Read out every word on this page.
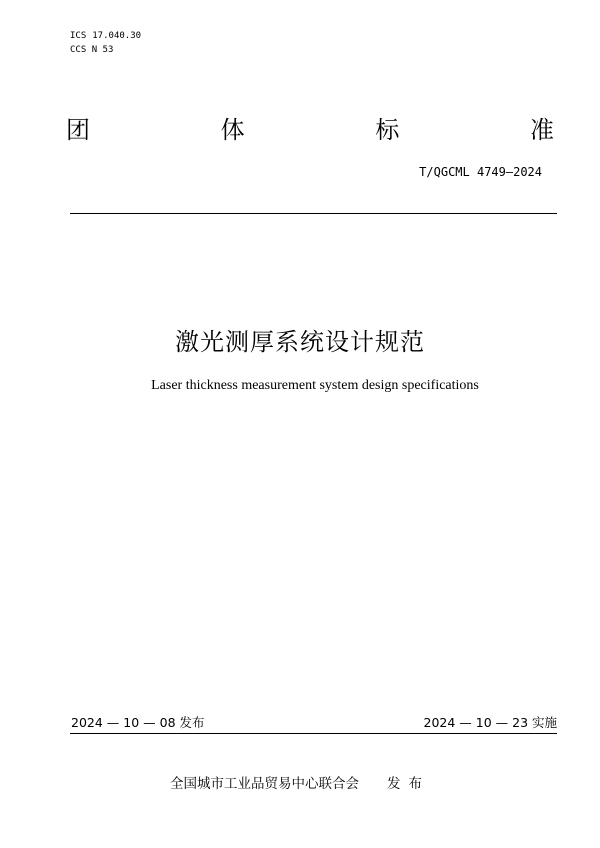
ICS 17.040.30
CCS N 53
团	体	标	准
T/QGCML 4749—2024
激光测厚系统设计规范
Laser thickness measurement system design specifications
2024 — 10 — 08 发布	2024 — 10 — 23 实施
全国城市工业品贸易中心联合会 发布
